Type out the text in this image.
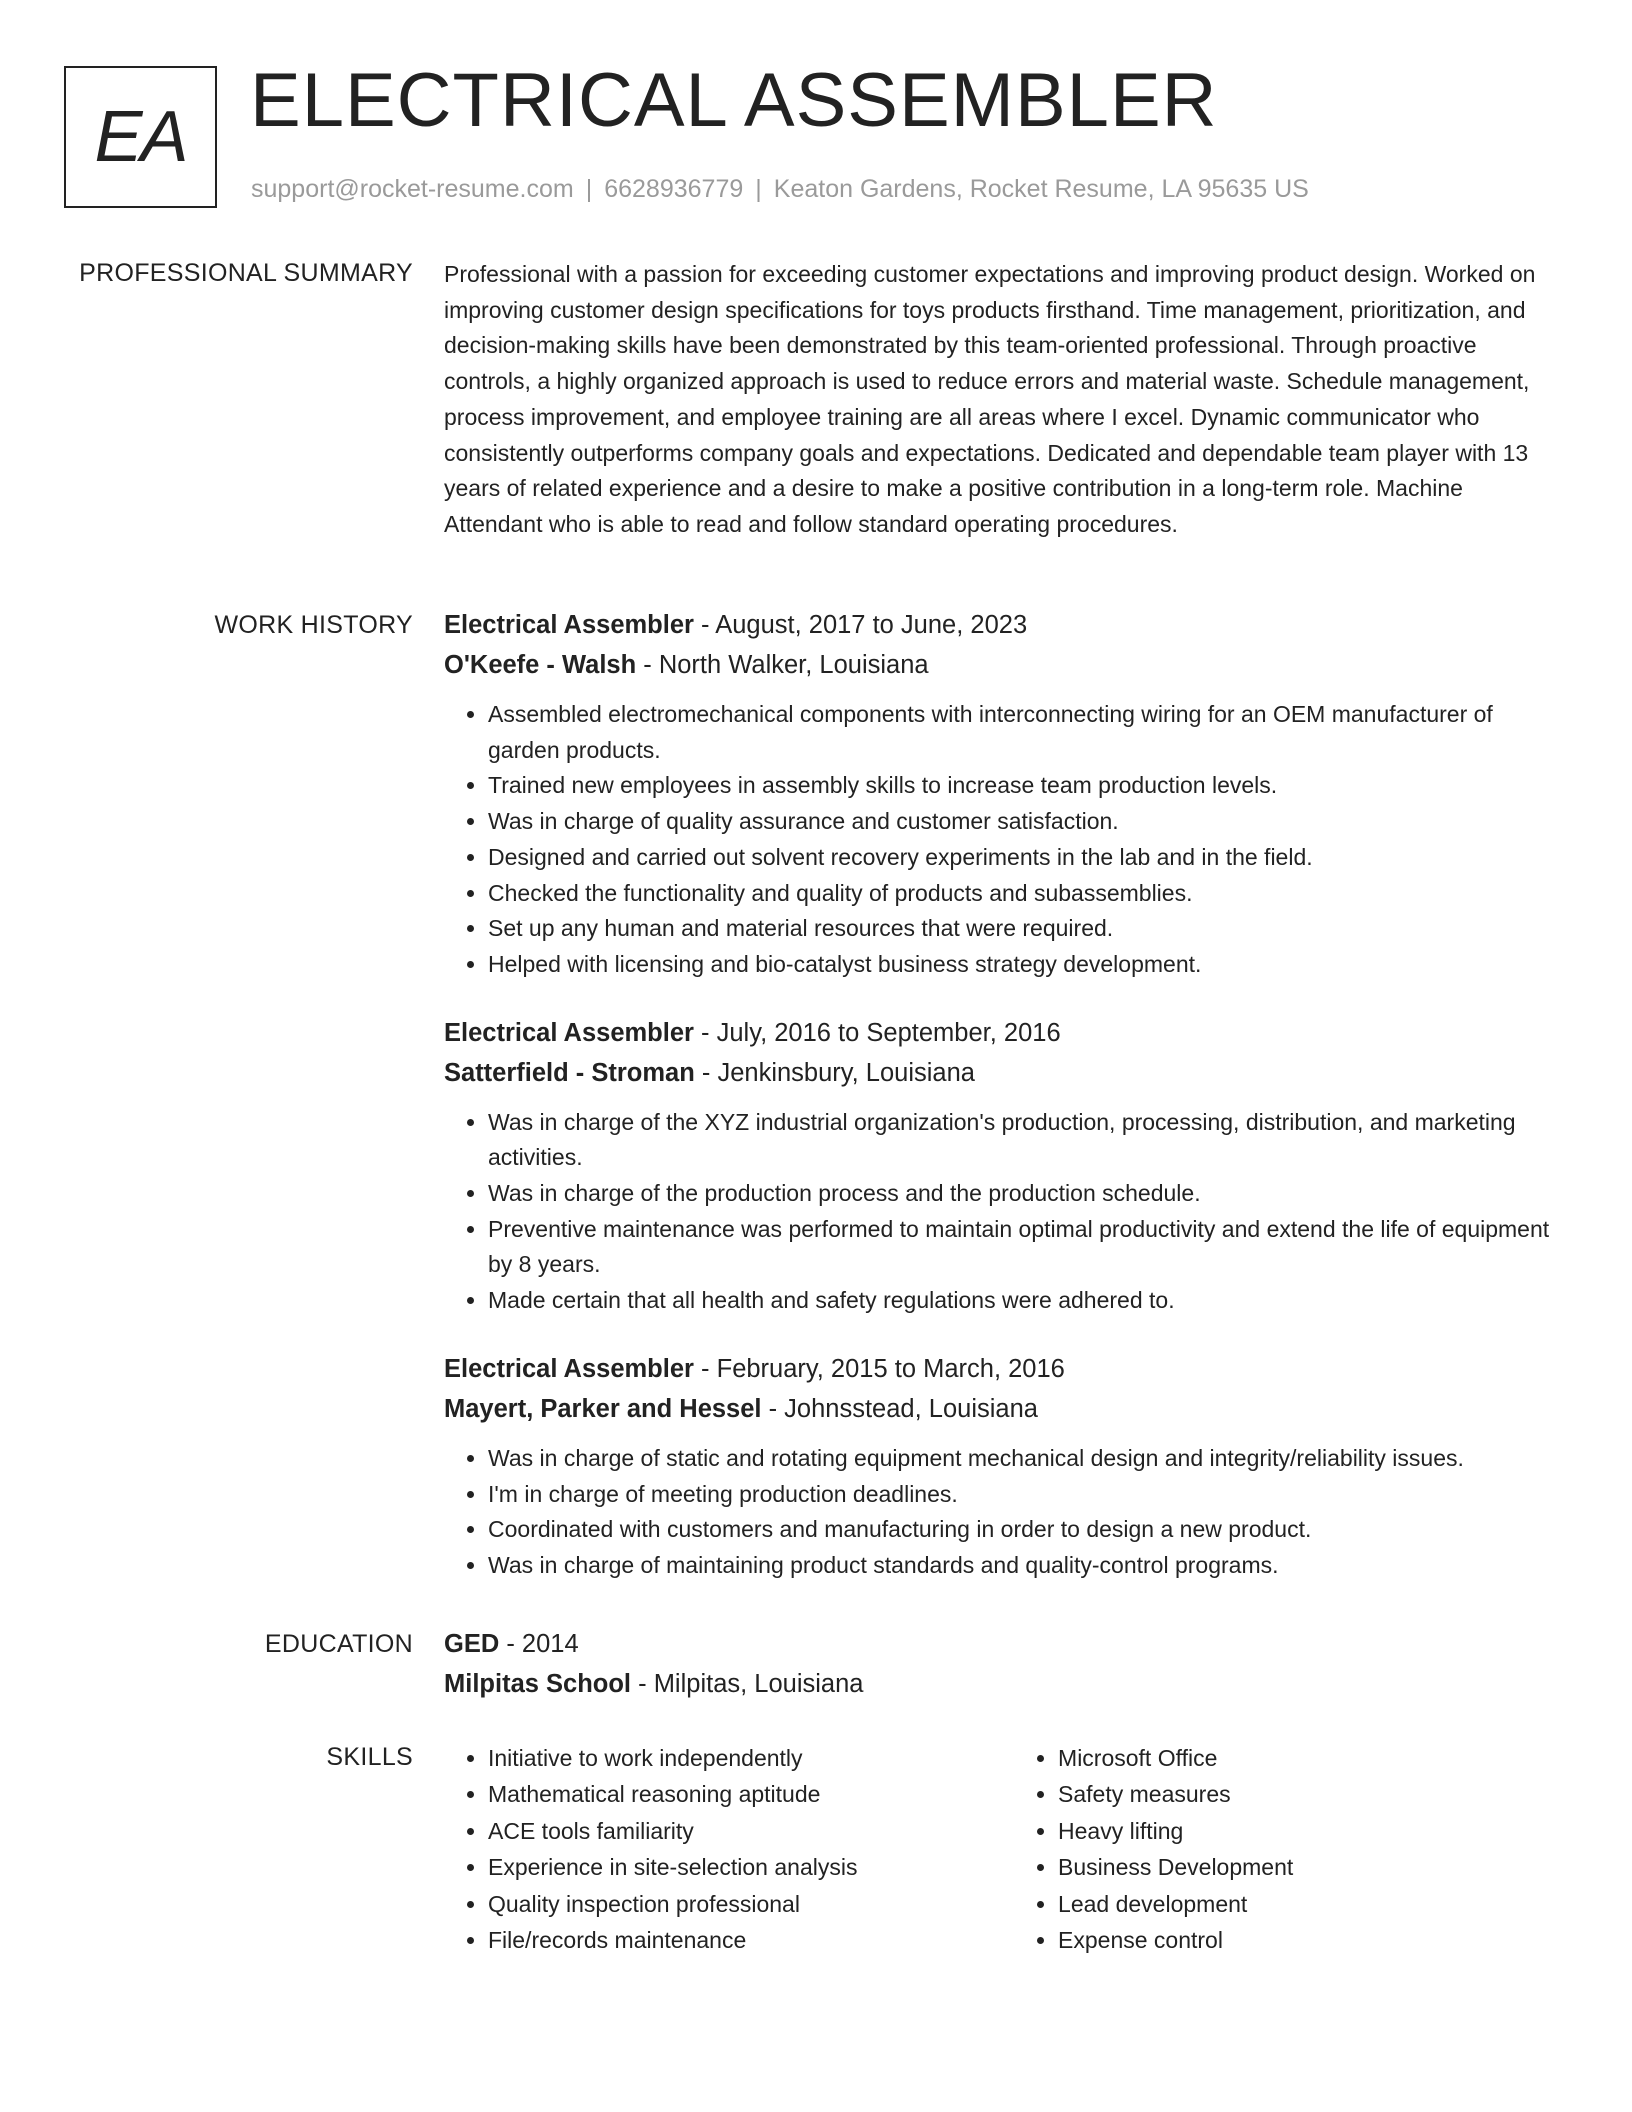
EA ELECTRICAL ASSEMBLER
support@rocket-resume.com | 6628936779 | Keaton Gardens, Rocket Resume, LA 95635 US
PROFESSIONAL SUMMARY Professional with a passion for exceeding customer expectations and improving product design. Worked on improving customer design specifications for toys products firsthand. Time management, prioritization, and decision-making skills have been demonstrated by this team-oriented professional. Through proactive controls, a highly organized approach is used to reduce errors and material waste. Schedule management, process improvement, and employee training are all areas where I excel. Dynamic communicator who consistently outperforms company goals and expectations. Dedicated and dependable team player with 13 years of related experience and a desire to make a positive contribution in a long-term role. Machine Attendant who is able to read and follow standard operating procedures.

WORK HISTORY Electrical Assembler - August, 2017 to June, 2023
O'Keefe - Walsh - North Walker, Louisiana
• Assembled electromechanical components with interconnecting wiring for an OEM manufacturer of garden products.
• Trained new employees in assembly skills to increase team production levels.
• Was in charge of quality assurance and customer satisfaction.
• Designed and carried out solvent recovery experiments in the lab and in the field.
• Checked the functionality and quality of products and subassemblies.
• Set up any human and material resources that were required.
• Helped with licensing and bio-catalyst business strategy development.
Electrical Assembler - July, 2016 to September, 2016
Satterfield - Stroman - Jenkinsbury, Louisiana
• Was in charge of the XYZ industrial organization's production, processing, distribution, and marketing activities.
• Was in charge of the production process and the production schedule.
• Preventive maintenance was performed to maintain optimal productivity and extend the life of equipment by 8 years.
• Made certain that all health and safety regulations were adhered to.
Electrical Assembler - February, 2015 to March, 2016
Mayert, Parker and Hessel - Johnsstead, Louisiana
• Was in charge of static and rotating equipment mechanical design and integrity/reliability issues.
• I'm in charge of meeting production deadlines.
• Coordinated with customers and manufacturing in order to design a new product.
• Was in charge of maintaining product standards and quality-control programs.
EDUCATION GED - 2014
Milpitas School - Milpitas, Louisiana
SKILLS
•	Initiative to work independently
• Mathematical reasoning aptitude
• ACE tools familiarity
• Experience in site-selection analysis
• Quality inspection professional
• File/records maintenance
• Microsoft Office
• Safety measures
• Heavy lifting
• Business Development
• Lead development
• Expense control
